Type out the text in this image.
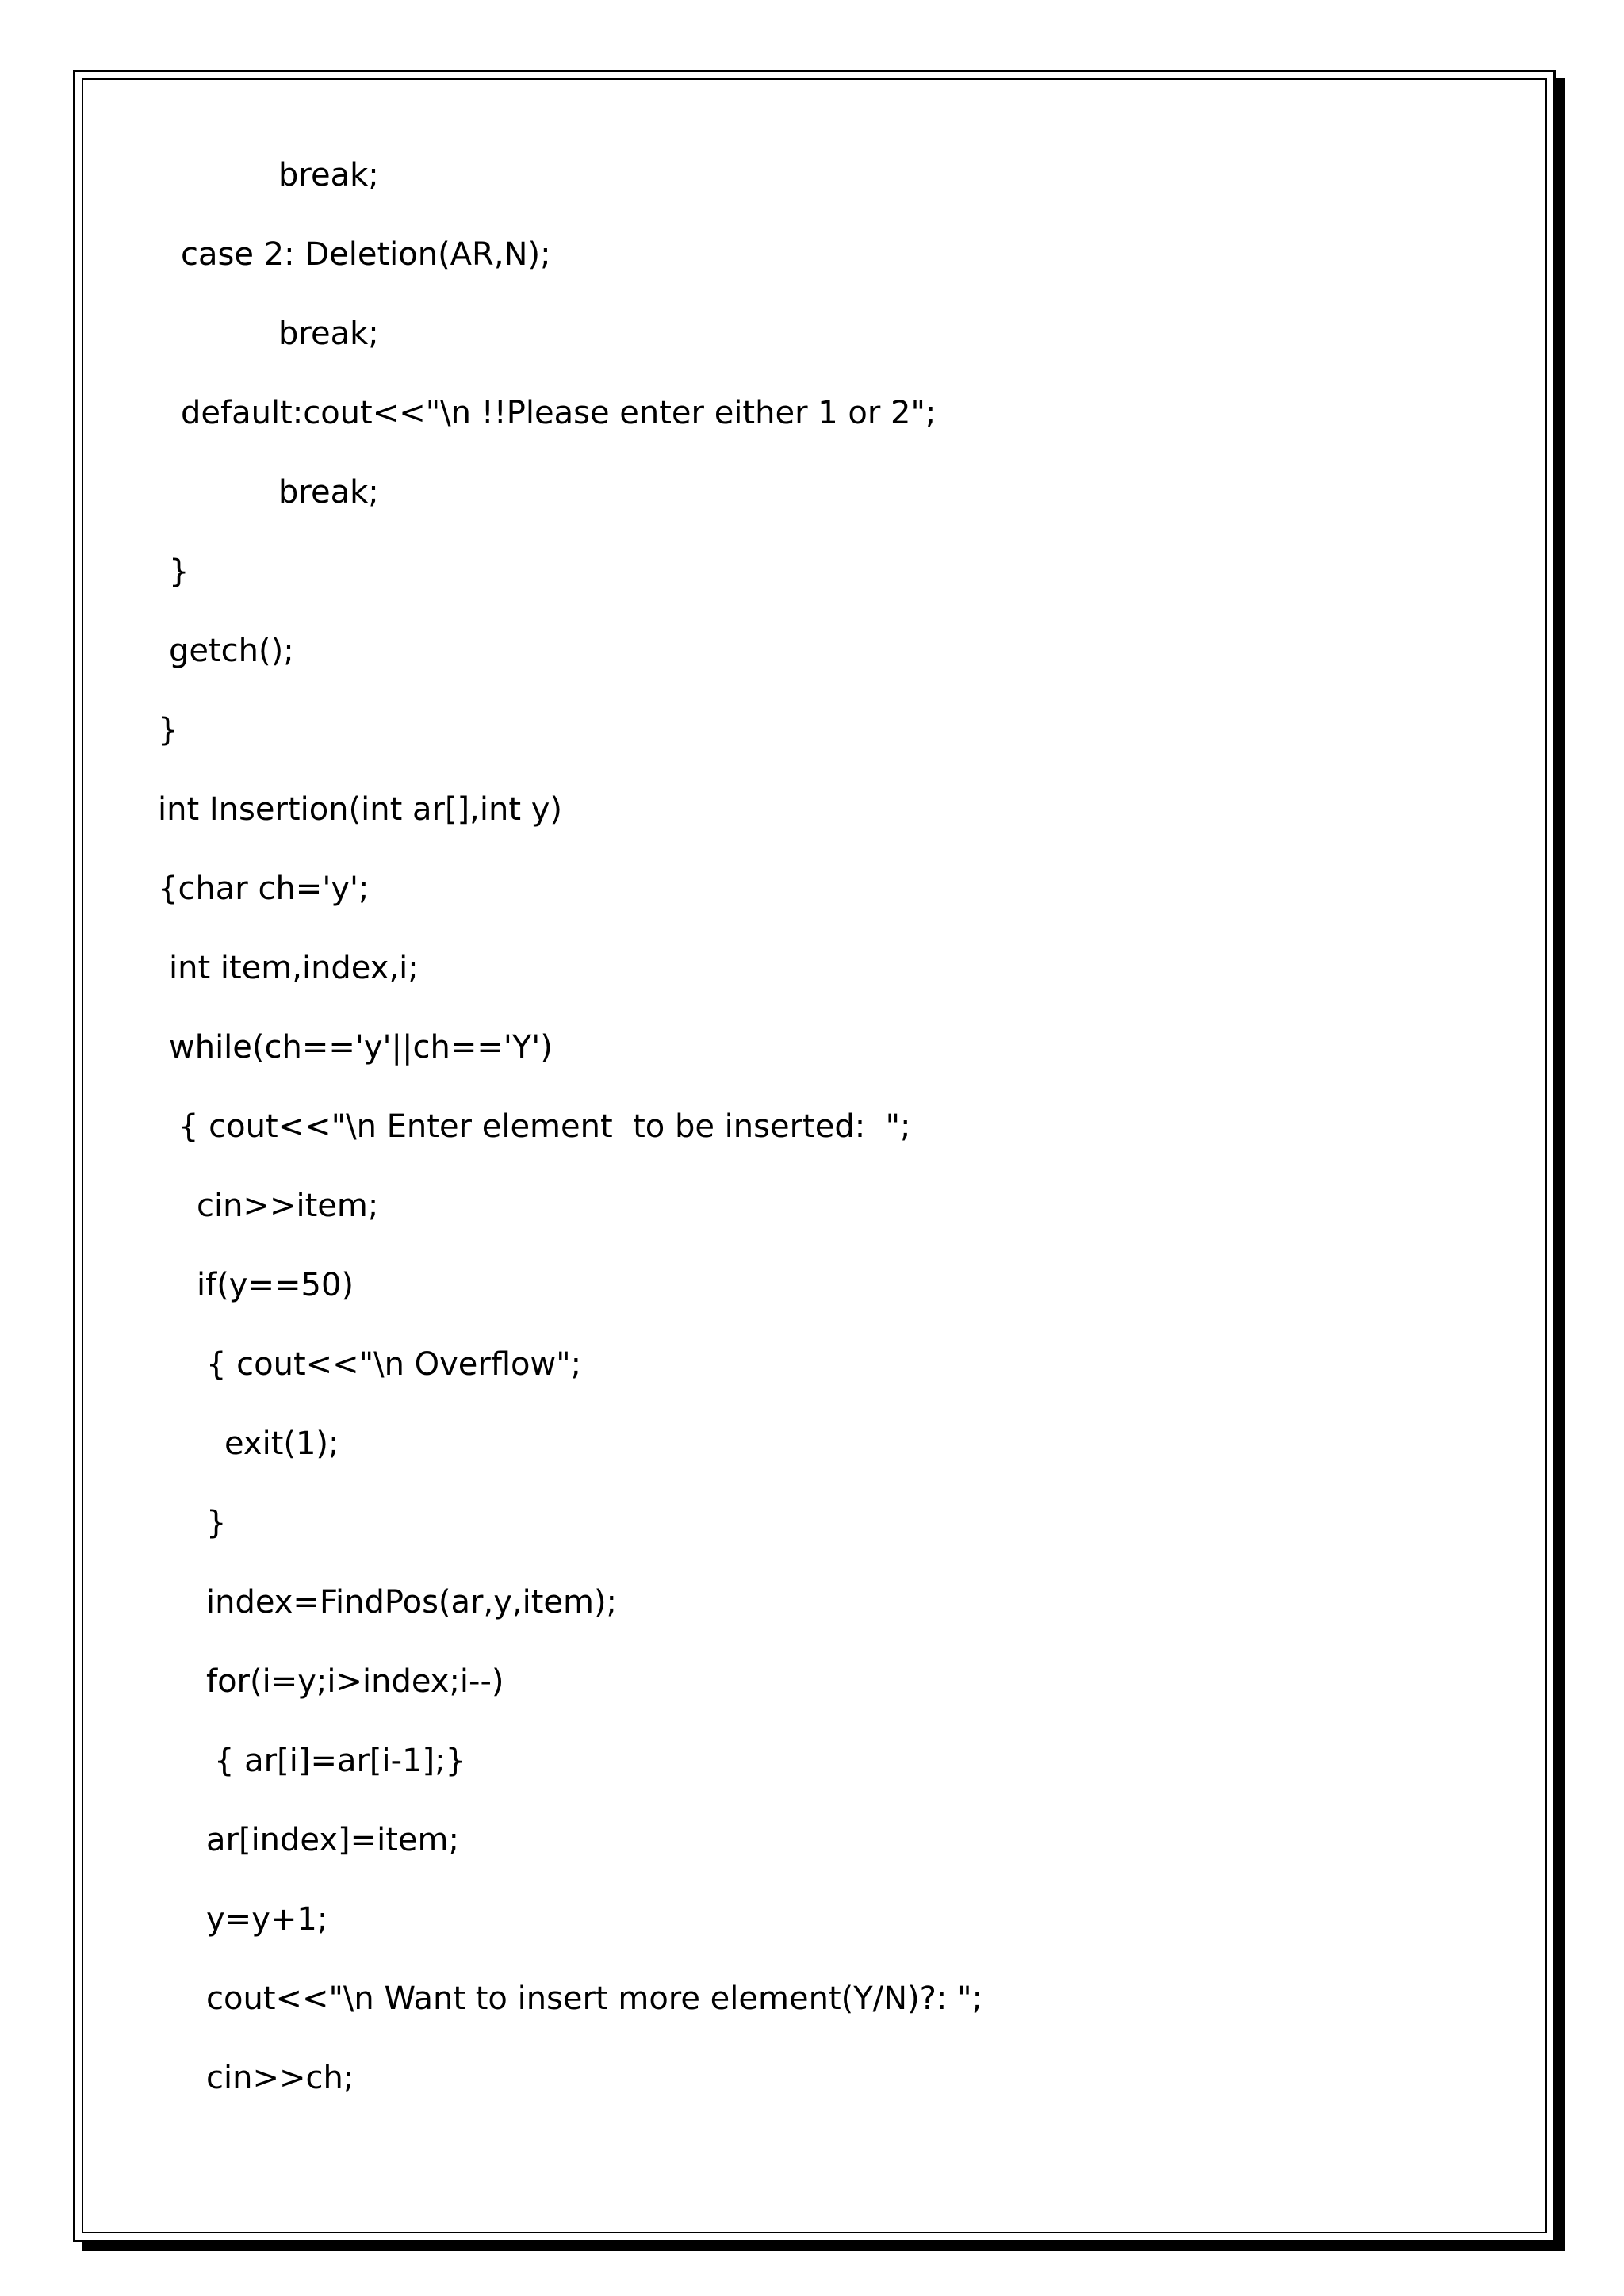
break;
case 2: Deletion(AR,N);
break;
default:cout<<"\n !!Please enter either 1 or 2";
break;
}
getch();
}
int Insertion(int ar[],int y)
{char ch='y';
int item,index,i;
while(ch=='y'||ch=='Y')
{ cout<<"\n Enter element  to be inserted:  ";
cin>>item;
if(y==50)
{ cout<<"\n Overflow";
exit(1);
}
index=FindPos(ar,y,item);
for(i=y;i>index;i--)
{ ar[i]=ar[i-1];}
ar[index]=item;
y=y+1;
cout<<"\n Want to insert more element(Y/N)?: ";
cin>>ch;
